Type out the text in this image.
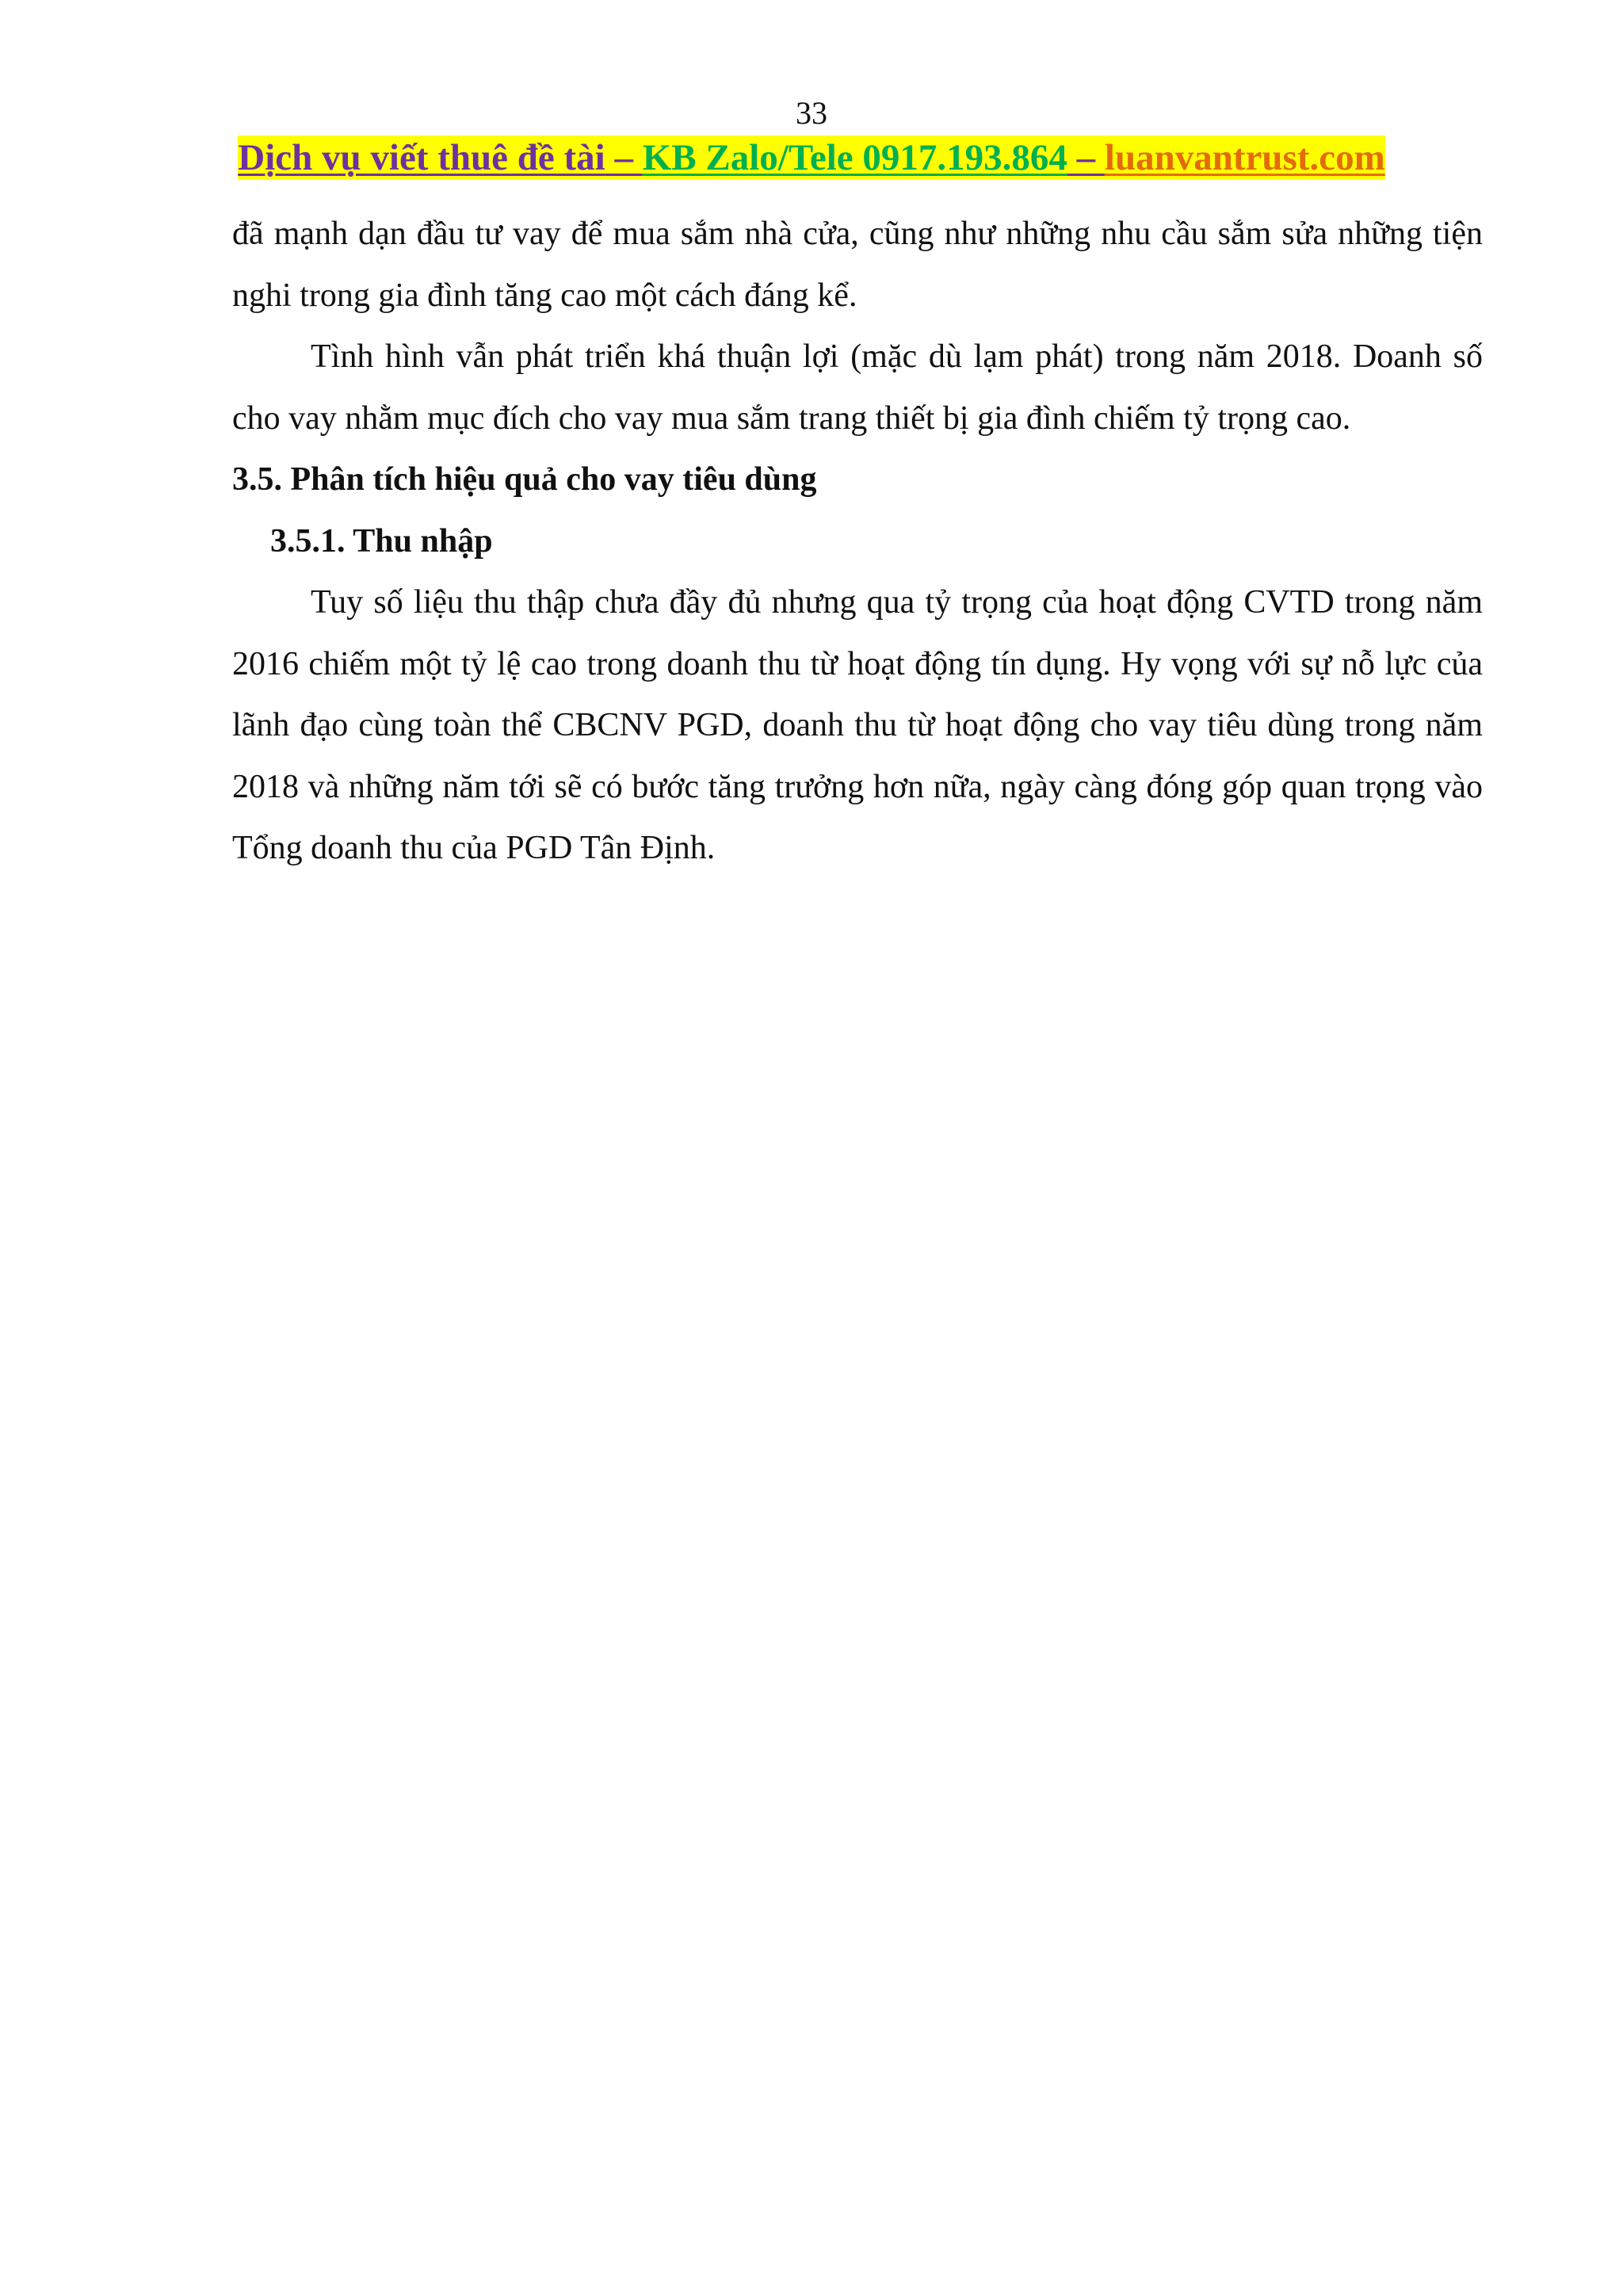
33
Dịch vụ viết thuê đề tài – KB Zalo/Tele 0917.193.864 – luanvantrust.com

đã mạnh dạn đầu tư vay để mua sắm nhà cửa, cũng như những nhu cầu sắm sửa những tiện nghi trong gia đình tăng cao một cách đáng kể.

Tình hình vẫn phát triển khá thuận lợi (mặc dù lạm phát) trong năm 2018. Doanh số cho vay nhằm mục đích cho vay mua sắm trang thiết bị gia đình chiếm tỷ trọng cao.

3.5. Phân tích hiệu quả cho vay tiêu dùng
3.5.1. Thu nhập

Tuy số liệu thu thập chưa đầy đủ nhưng qua tỷ trọng của hoạt động CVTD trong năm 2016 chiếm một tỷ lệ cao trong doanh thu từ hoạt động tín dụng. Hy vọng với sự nỗ lực của lãnh đạo cùng toàn thể CBCNV PGD, doanh thu từ hoạt động cho vay tiêu dùng trong năm 2018 và những năm tới sẽ có bước tăng trưởng hơn nữa, ngày càng đóng góp quan trọng vào Tổng doanh thu của PGD Tân Định.
